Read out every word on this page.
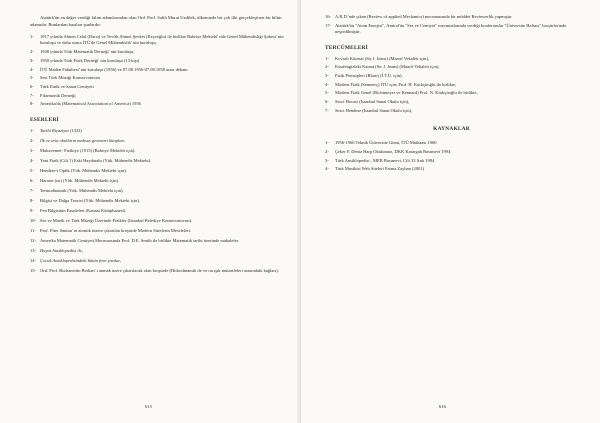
Atatürk'ün en değer verdiği bilim adamlarından olan Ord. Prof. Salih Murat Uzdilek, ülkemizde bir çok ilki gerçekleştiren bir bilim adamıdır. Bunlardan bazıları şunlardır:

1-	1917 yılında Ahmet Celal (Darsi) ve Tevfik Ahmet Şevket (Keçeoğlu) ile birlikte Bahriye Mektebi' nde Genel Mühendisliği Şubesi' nin kuruluşu ve daha sonra İTÜ'de Genel Mühendislik' nin kuruluşu,
2-	1948 yılında Türk Matematik Derneği' nin kuruluşu,
3-	1950 yılında Türk Fizik Derneği' nin kuruluşu (13 kişi)
4-	İTÜ Maden Fakültesi' nin kuruluşu (1956) ve 07.08.1956-07.08.1958 arası dekanı
5-	Sesi Türk Müziği Konservatuvarı
6-	Türk Etnik ve Sanat Cemiyeti
7-	Filarmonik Derneği
8-	Amerika'da (Matematical Association of America) 1936
ESERLERİ
1-	Tarihi Riyaziyat (1325)
2-	İlk ve orta okulların mahsus geometri kitapları.
3-	Mukavemet- Fizikiye (1915) (Bahriye Mektebi için).
4-	Yeni Fizik (Cilt 1) Eski Haydarabı (Yük. Mühendis Mektebi).
5-	Hendese-i Optik (Yük. Mühendis Mektebi için).
6-	Hararet (ısı) (Yük. Mühendis Mektebi için).
7-	Termodinamik (Yük. Mühendis Mektebi için).
8-	Bilgisi ve Dalga Teorisi (Yük. Mühendis Mektebi için).
9-	Fen Bilgisinin Fasıdeleri (Kanaat Kütüphanesi).
10- Ses ve Müzik ve Türk Müziği Üzerinde Fizikler (İstanbul Belediye Konservatuvarı).
11- Prof. Piter Santan' ın atomik tüzere çıkarılan broşürde Modern Sürelerin Meseleleri.
12- Amerika Matematik Cemiyeti Mecmuasında Prof. D.E. Smith ile birlikte Matematik tarihi üzerinde makaleler.
13- Hayat Ansiklopedisi ile,
14- Çocuk Ansiklopedisindeki bütün fene yazılar,
15- Ord. Prof. Burhanettin Berkan' ı anmak üzere çıkarılacak olan broşürde (Hidrodinamik ile ve on ışık mütarifeleri arasındaki bağları).
615
16- A.B.D.'nde çıkan (Review of applied Mechanics) mecmuasında bir müddet Reviewerlik yapmıştır.
17- Atatürk'ün "Atom Enerjisi", Amiral'ün "Ses ve Cemiyet" mecmualarında verdiği konferanslar "Üniversite Haftası" broşürlerinde neşredilmiştir.
TERCÜMELERİ
1-	Kovarlı Kütesai (Sir J. Jeans) (Maarif Vekaleti için),
2-	Esrafengizleki Kainat (Sir J. Jeans) (Maarif Vekaleti için),
3-	Fizik Prensipleri (Blom) (İ.T.Ü. için),
4-	Modern Fizik (Semnerç) İTÜ için; Prof. H. Kürkçüoğlu ile birlikte,
5-	Modern Fizik Genel (Richtmeyer ve Kennard) Prof. N. Kürkçüoğlu ile birlikte,
6-	Sesci Hocası (İstanbul Sanat Okulu için),
7-	Sesci Hendese (İstanbul Sanat Okulu için),
KAYNAKLAR
1-	1956-1960 Teknik Üniversite Günü, İTÜ Matbaası 1960
2-	Çeker F. Deniz Harp Okulumuz, DKK Karargah Basımevi 1994
3-	Türk Ansiklopedisi , MEB Basımevi, Cilt 33 Ank 1984
4-	Türk Musikisi Web Siteleri Fatma Zayhan (2001)
616
